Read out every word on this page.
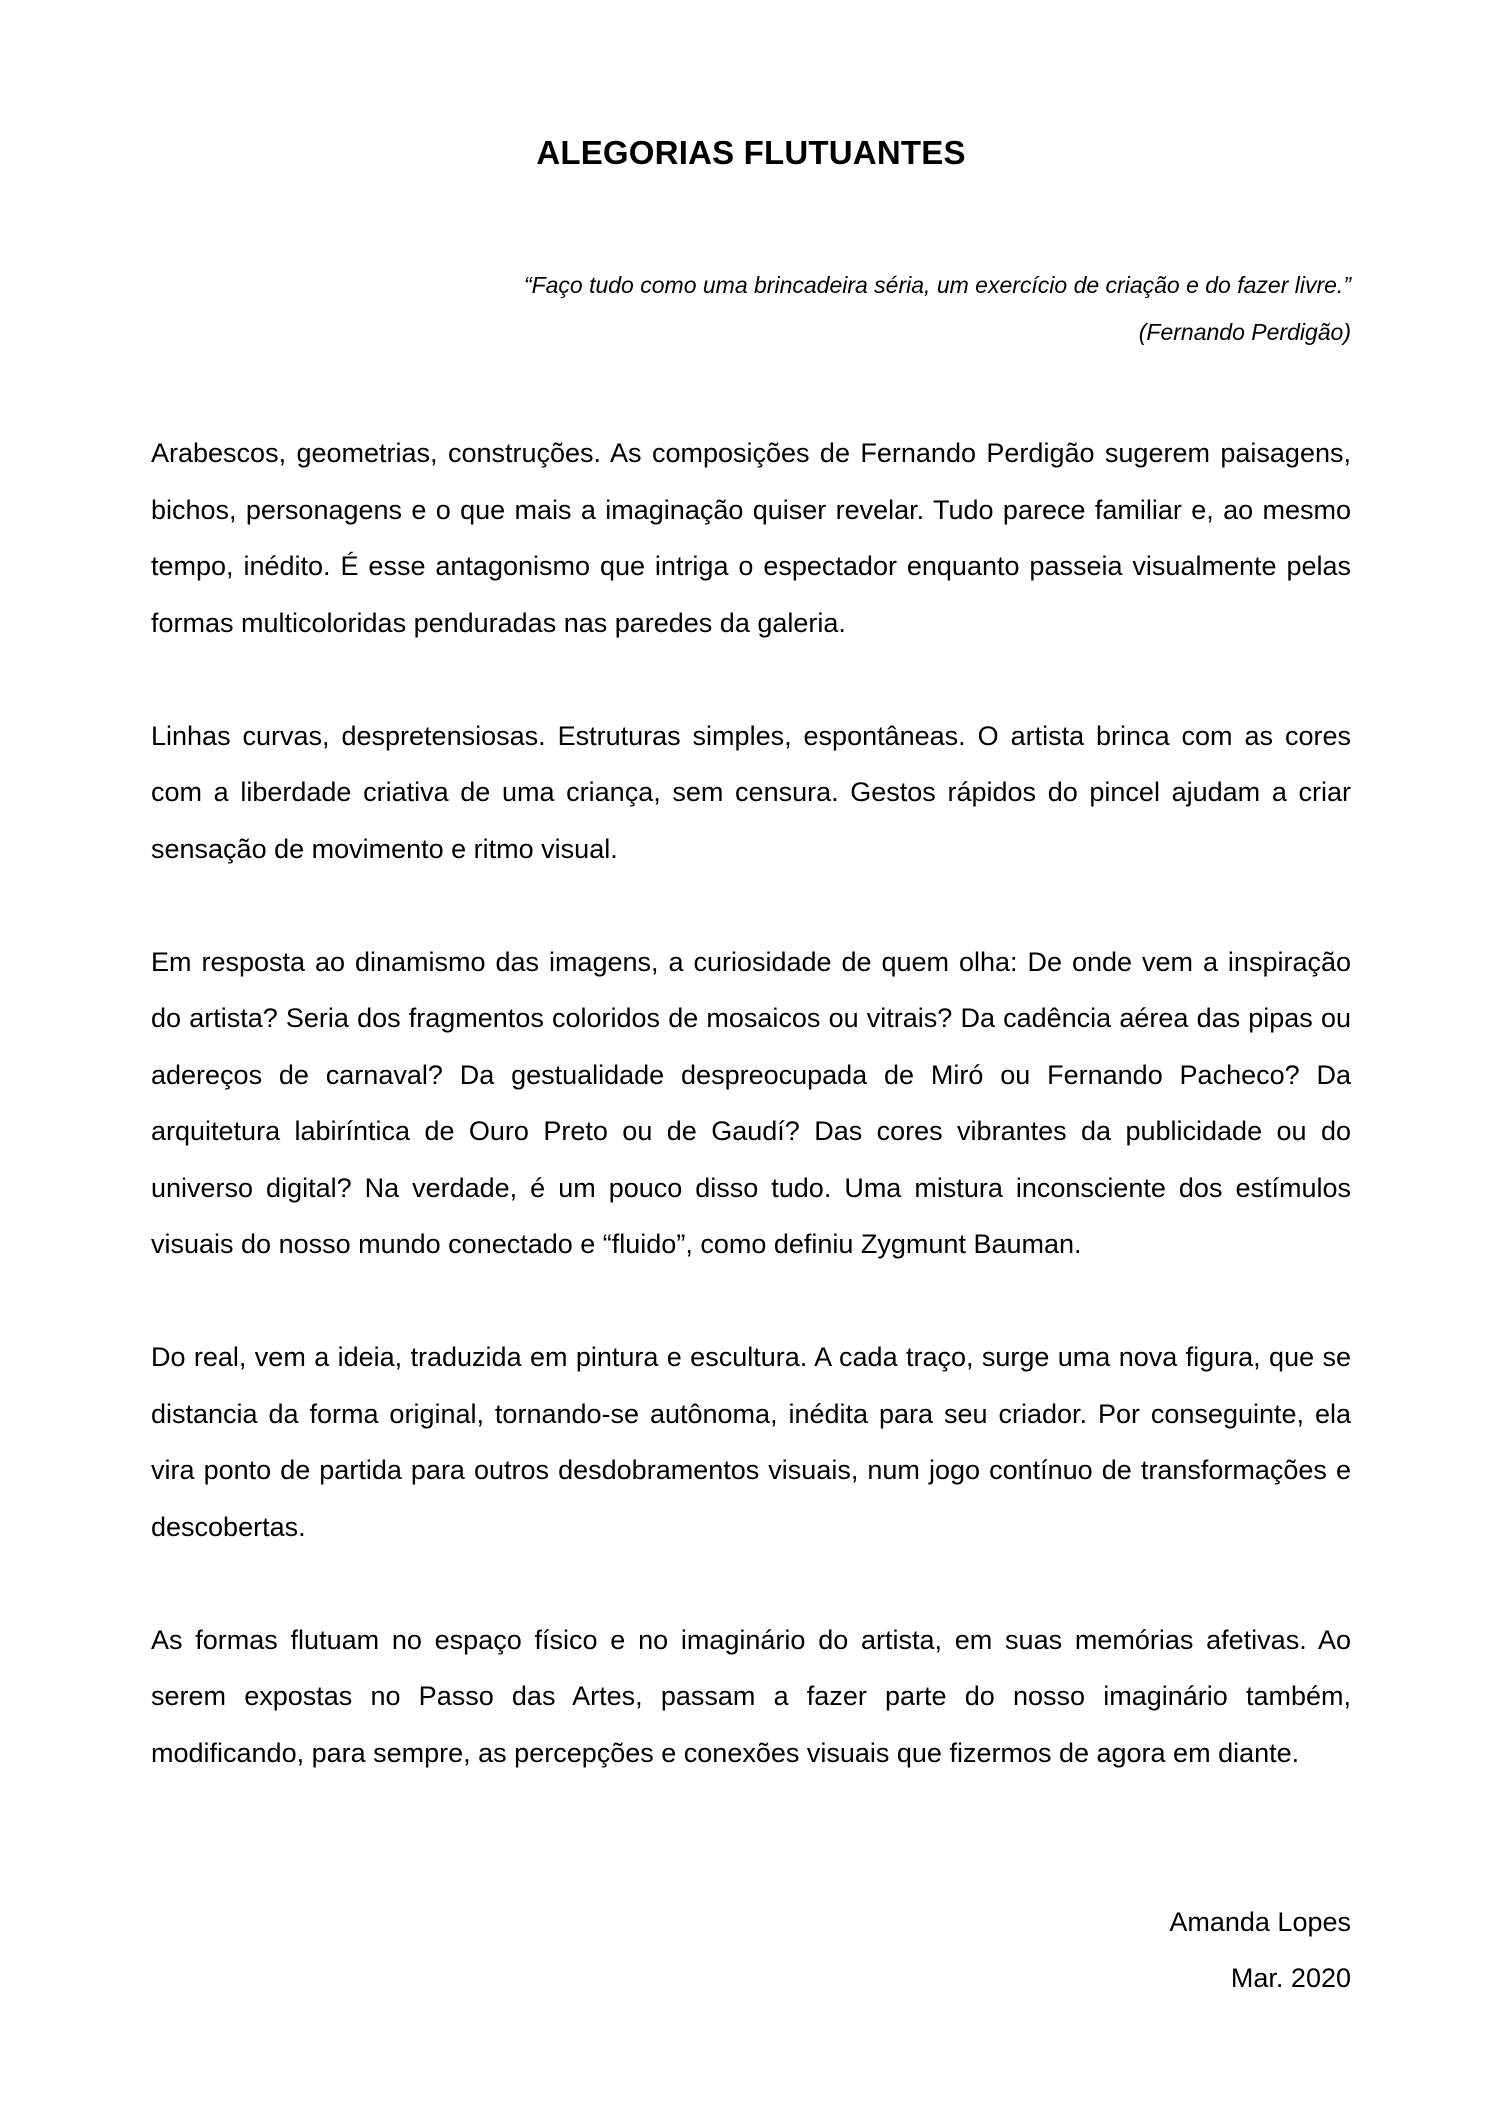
ALEGORIAS FLUTUANTES

“Faço tudo como uma brincadeira séria, um exercício de criação e do fazer livre.”

(Fernando Perdigão)

Arabescos, geometrias, construções. As composições de Fernando Perdigão sugerem paisagens, bichos, personagens e o que mais a imaginação quiser revelar. Tudo parece familiar e, ao mesmo tempo, inédito. É esse antagonismo que intriga o espectador enquanto passeia visualmente pelas formas multicoloridas penduradas nas paredes da galeria.

Linhas curvas, despretensiosas. Estruturas simples, espontâneas. O artista brinca com as cores com a liberdade criativa de uma criança, sem censura. Gestos rápidos do pincel ajudam a criar sensação de movimento e ritmo visual.

Em resposta ao dinamismo das imagens, a curiosidade de quem olha: De onde vem a inspiração do artista? Seria dos fragmentos coloridos de mosaicos ou vitrais? Da cadência aérea das pipas ou adereços de carnaval? Da gestualidade despreocupada de Miró ou Fernando Pacheco? Da arquitetura labiríntica de Ouro Preto ou de Gaudí? Das cores vibrantes da publicidade ou do universo digital? Na verdade, é um pouco disso tudo. Uma mistura inconsciente dos estímulos visuais do nosso mundo conectado e “fluido”, como definiu Zygmunt Bauman.

Do real, vem a ideia, traduzida em pintura e escultura. A cada traço, surge uma nova figura, que se distancia da forma original, tornando-se autônoma, inédita para seu criador. Por conseguinte, ela vira ponto de partida para outros desdobramentos visuais, num jogo contínuo de transformações e descobertas.

As formas flutuam no espaço físico e no imaginário do artista, em suas memórias afetivas. Ao serem expostas no Passo das Artes, passam a fazer parte do nosso imaginário também, modificando, para sempre, as percepções e conexões visuais que fizermos de agora em diante.

Amanda Lopes
Mar. 2020
